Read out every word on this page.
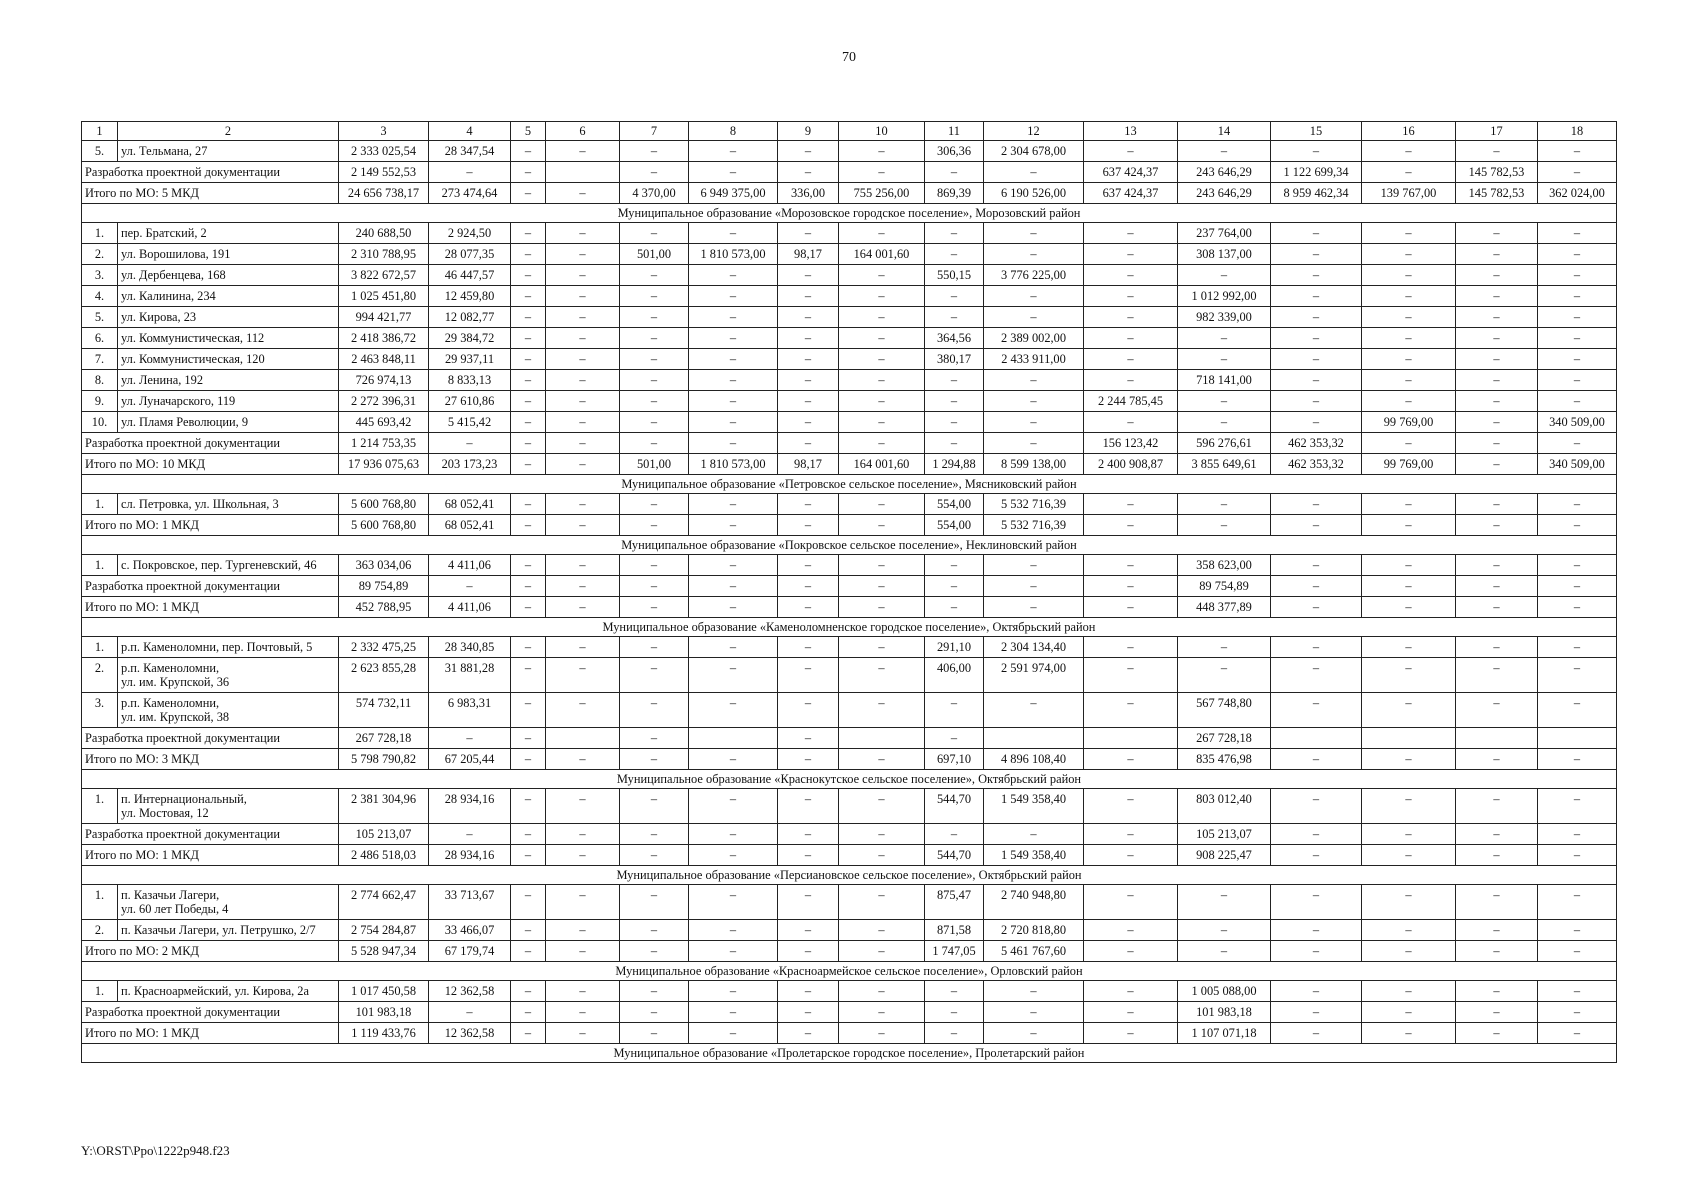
70
1	2	3	4	5	6	7	8	9	10	11	12	13	14	15	16	17	18
5.	ул. Тельмана, 27	2 333 025,54	28 347,54	–	–	–	–	–	–	306,36	2 304 678,00	–	–	–	–	–	–
Разработка проектной документации		2 149 552,53	–	–		–	–	–	–	–	–	637 424,37	243 646,29	1 122 699,34	–	145 782,53	–
Итого по МО: 5 МКД		24 656 738,17	273 474,64	–	–	4 370,00	6 949 375,00	336,00	755 256,00	869,39	6 190 526,00	637 424,37	243 646,29	8 959 462,34	139 767,00	145 782,53	362 024,00
Муниципальное образование «Морозовское городское поселение», Морозовский район																	
1.	пер. Братский, 2	240 688,50	2 924,50	–	–	–	–	–	–	–	–	–	237 764,00	–	–	–	–
2.	ул. Ворошилова, 191	2 310 788,95	28 077,35	–	–	501,00	1 810 573,00	98,17	164 001,60	–	–	–	308 137,00	–	–	–	–
3.	ул. Дербенцева, 168	3 822 672,57	46 447,57	–	–	–	–	–	–	550,15	3 776 225,00	–	–	–	–	–	–
4.	ул. Калинина, 234	1 025 451,80	12 459,80	–	–	–	–	–	–	–	–	–	1 012 992,00	–	–	–	–
5.	ул. Кирова, 23	994 421,77	12 082,77	–	–	–	–	–	–	–	–	–	982 339,00	–	–	–	–
6.	ул. Коммунистическая, 112	2 418 386,72	29 384,72	–	–	–	–	–	–	364,56	2 389 002,00	–	–	–	–	–	–
7.	ул. Коммунистическая, 120	2 463 848,11	29 937,11	–	–	–	–	–	–	380,17	2 433 911,00	–	–	–	–	–	–
8.	ул. Ленина, 192	726 974,13	8 833,13	–	–	–	–	–	–	–	–	–	718 141,00	–	–	–	–
9.	ул. Луначарского, 119	2 272 396,31	27 610,86	–	–	–	–	–	–	–	–	2 244 785,45	–	–	–	–	–
10.	ул. Пламя Революции, 9	445 693,42	5 415,42	–	–	–	–	–	–	–	–	–	–	–	99 769,00	–	340 509,00
Разработка проектной документации		1 214 753,35	–	–	–	–	–	–	–	–	–	156 123,42	596 276,61	462 353,32	–	–	–
Итого по МО: 10 МКД		17 936 075,63	203 173,23	–	–	501,00	1 810 573,00	98,17	164 001,60	1 294,88	8 599 138,00	2 400 908,87	3 855 649,61	462 353,32	99 769,00	–	340 509,00
Муниципальное образование «Петровское сельское поселение», Мясниковский район																	
1.	сл. Петровка, ул. Школьная, 3	5 600 768,80	68 052,41	–	–	–	–	–	–	554,00	5 532 716,39	–	–	–	–	–	–
Итого по МО: 1 МКД		5 600 768,80	68 052,41	–	–	–	–	–	–	554,00	5 532 716,39	–	–	–	–	–	–
Муниципальное образование «Покровское сельское поселение», Неклиновский район																	
1.	с. Покровское, пер. Тургеневский, 46	363 034,06	4 411,06	–	–	–	–	–	–	–	–	–	358 623,00	–	–	–	–
Разработка проектной документации		89 754,89	–	–	–	–	–	–	–	–	–	–	89 754,89	–	–	–	–
Итого по МО: 1 МКД		452 788,95	4 411,06	–	–	–	–	–	–	–	–	–	448 377,89	–	–	–	–
Муниципальное образование «Каменоломненское городское поселение», Октябрьский район																	
1.	р.п. Каменоломни, пер. Почтовый, 5	2 332 475,25	28 340,85	–	–	–	–	–	–	291,10	2 304 134,40	–	–	–	–	–	–
2.	р.п. Каменоломни,
ул. им. Крупской, 36	2 623 855,28	31 881,28	–	–	–	–	–	–	406,00	2 591 974,00	–	–	–	–	–	–
3.	р.п. Каменоломни,
ул. им. Крупской, 38	574 732,11	6 983,31	–	–	–	–	–	–	–	–	–	567 748,80	–	–	–	–
Разработка проектной документации		267 728,18	–	–		–		–		–			267 728,18				
Итого по МО: 3 МКД		5 798 790,82	67 205,44	–	–	–	–	–	–	697,10	4 896 108,40	–	835 476,98	–	–	–	–
Муниципальное образование «Краснокутское сельское поселение», Октябрьский район																	
1.	п. Интернациональный,
ул. Мостовая, 12	2 381 304,96	28 934,16	–	–	–	–	–	–	544,70	1 549 358,40	–	803 012,40	–	–	–	–
Разработка проектной документации		105 213,07	–	–	–	–	–	–	–	–	–	–	105 213,07	–	–	–	–
Итого по МО: 1 МКД		2 486 518,03	28 934,16	–	–	–	–	–	–	544,70	1 549 358,40	–	908 225,47	–	–	–	–
Муниципальное образование «Персиановское сельское поселение», Октябрьский район																	
1.	п. Казачьи Лагери,
ул. 60 лет Победы, 4	2 774 662,47	33 713,67	–	–	–	–	–	–	875,47	2 740 948,80	–	–	–	–	–	–
2.	п. Казачьи Лагери, ул. Петрушко, 2/7	2 754 284,87	33 466,07	–	–	–	–	–	–	871,58	2 720 818,80	–	–	–	–	–	–
Итого по МО: 2 МКД		5 528 947,34	67 179,74	–	–	–	–	–	–	1 747,05	5 461 767,60	–	–	–	–	–	–
Муниципальное образование «Красноармейское сельское поселение», Орловский район																	
1.	п. Красноармейский, ул. Кирова, 2а	1 017 450,58	12 362,58	–	–	–	–	–	–	–	–	–	1 005 088,00	–	–	–	–
Разработка проектной документации		101 983,18	–	–	–	–	–	–	–	–	–	–	101 983,18	–	–	–	–
Итого по МО: 1 МКД		1 119 433,76	12 362,58	–	–	–	–	–	–	–	–	–	1 107 071,18	–	–	–	–
Муниципальное образование «Пролетарское городское поселение», Пролетарский район																	
Y:\ORST\Ppo\1222p948.f23
